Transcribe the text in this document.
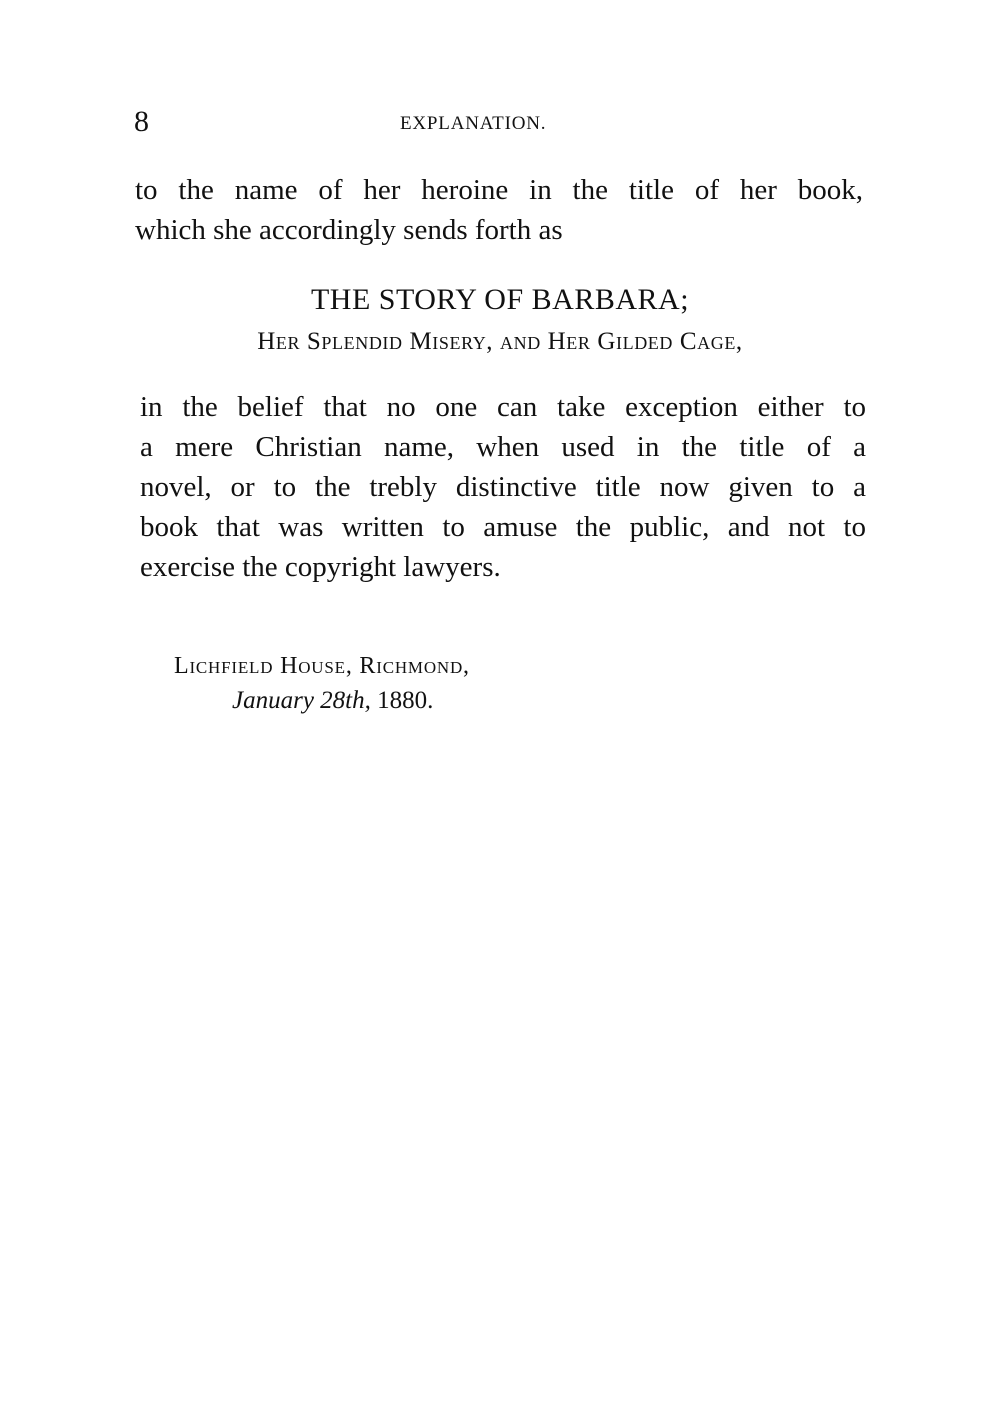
8	EXPLANATION.
to the name of her heroine in the title of her book,
which she accordingly sends forth as
THE STORY OF BARBARA;
Her Splendid Misery, and Her Gilded Cage,
in the belief that no one can take exception either to
a mere Christian name, when used in the title of a
novel, or to the trebly distinctive title now given to a
book that was written to amuse the public, and not to
exercise the copyright lawyers.
Lichfield House, Richmond,
January 28th, 1880.
